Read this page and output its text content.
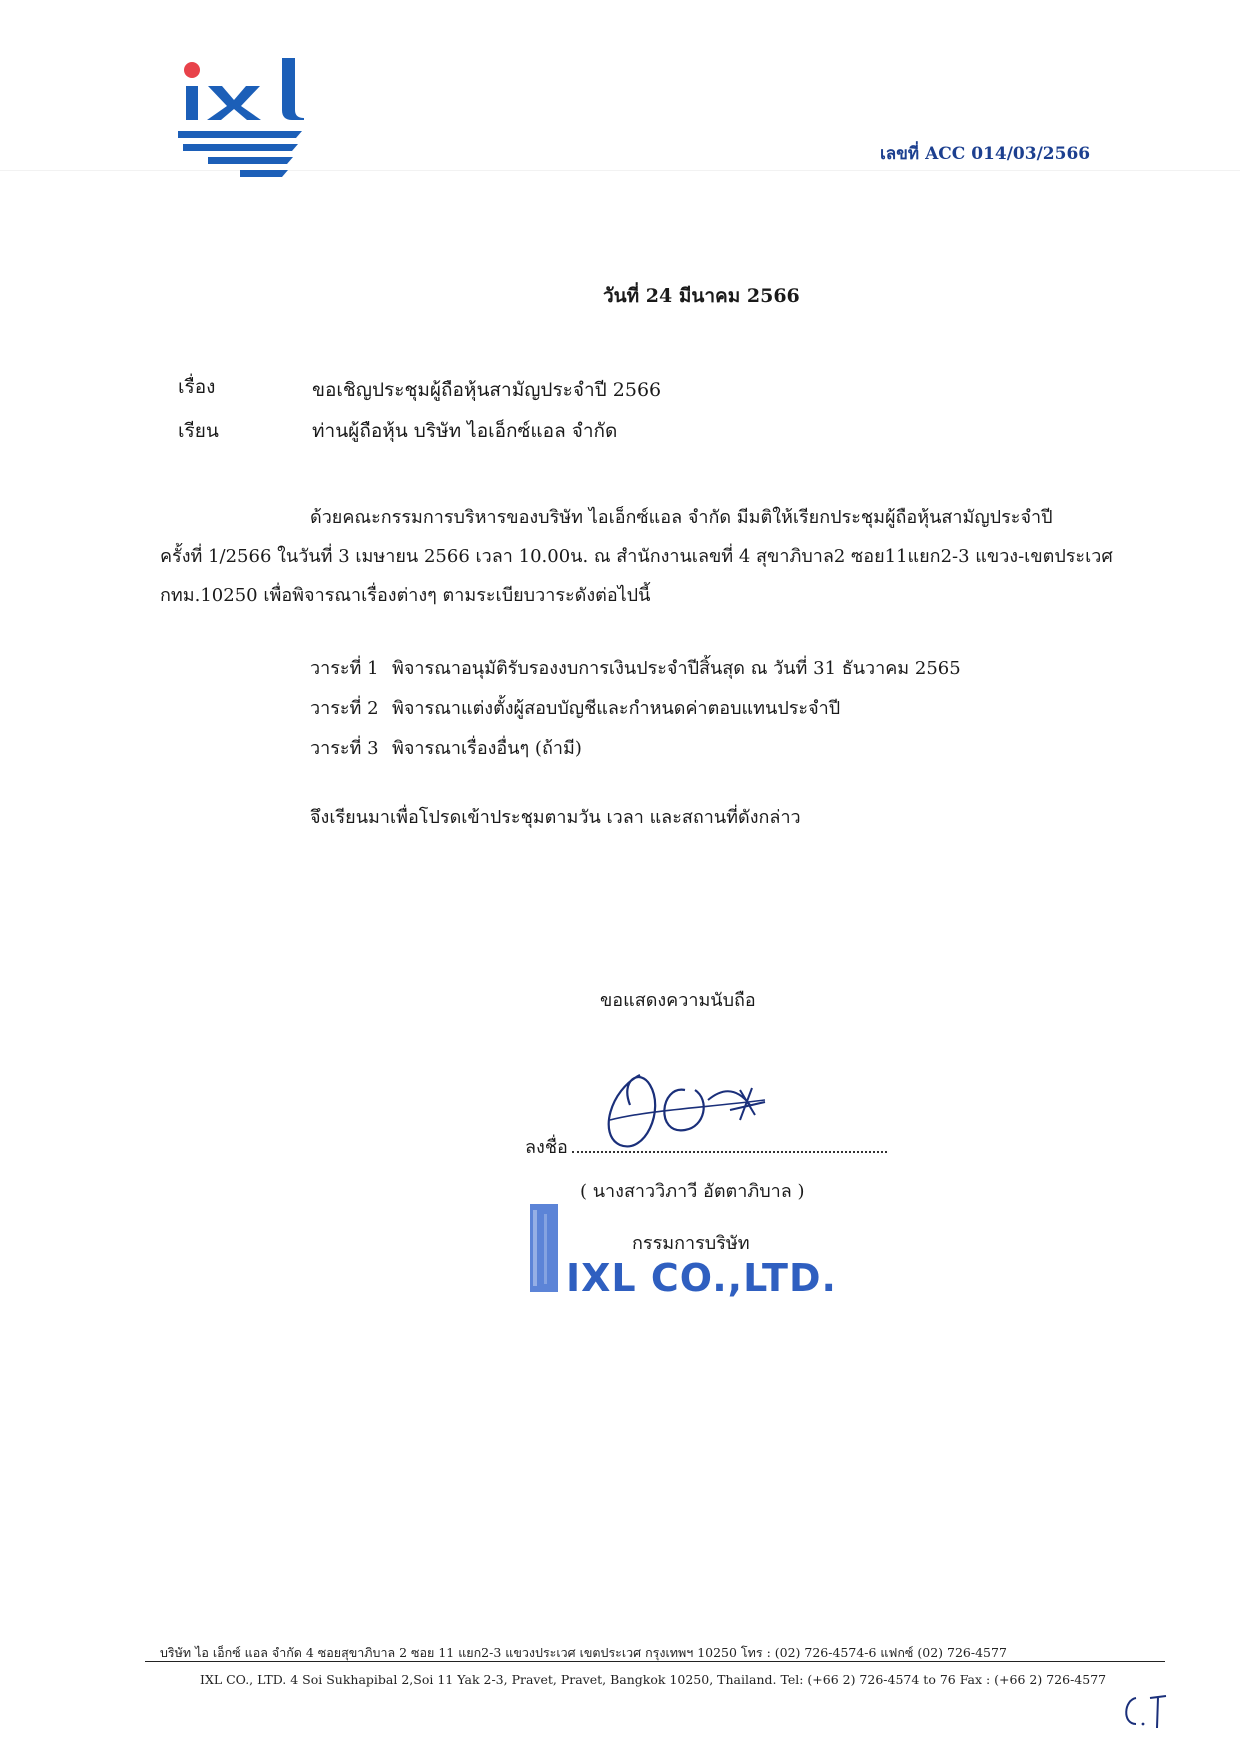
ixl
เลขที่ ACC 014/03/2566
วันที่ 24 มีนาคม 2566
เรื่อง	ขอเชิญประชุมผู้ถือหุ้นสามัญประจำปี 2566
เรียน	ท่านผู้ถือหุ้น บริษัท ไอเอ็กซ์แอล จำกัด
ด้วยคณะกรรมการบริหารของบริษัท ไอเอ็กซ์แอล จำกัด มีมติให้เรียกประชุมผู้ถือหุ้นสามัญประจำปี
ครั้งที่ 1/2566 ในวันที่ 3 เมษายน 2566 เวลา 10.00น. ณ สำนักงานเลขที่ 4 สุขาภิบาล2 ซอย11แยก2-3 แขวง-เขตประเวศ
กทม.10250 เพื่อพิจารณาเรื่องต่างๆ ตามระเบียบวาระดังต่อไปนี้
วาระที่ 1 พิจารณาอนุมัติรับรองงบการเงินประจำปีสิ้นสุด ณ วันที่ 31 ธันวาคม 2565
วาระที่ 2 พิจารณาแต่งตั้งผู้สอบบัญชีและกำหนดค่าตอบแทนประจำปี
วาระที่ 3 พิจารณาเรื่องอื่นๆ (ถ้ามี)
จึงเรียนมาเพื่อโปรดเข้าประชุมตามวัน เวลา และสถานที่ดังกล่าว
ขอแสดงความนับถือ
ลงชื่อ
( นางสาววิภาวี อัตตาภิบาล )
กรรมการบริษัท
IXL CO.,LTD.
บริษัท ไอ เอ็กซ์ แอล จำกัด 4 ซอยสุขาภิบาล 2 ซอย 11 แยก2-3 แขวงประเวศ เขตประเวศ กรุงเทพฯ 10250 โทร : (02) 726-4574-6 แฟกซ์ (02) 726-4577
IXL CO., LTD. 4 Soi Sukhapibal 2,Soi 11 Yak 2-3, Pravet, Pravet, Bangkok 10250, Thailand. Tel: (+66 2) 726-4574 to 76 Fax : (+66 2) 726-4577
